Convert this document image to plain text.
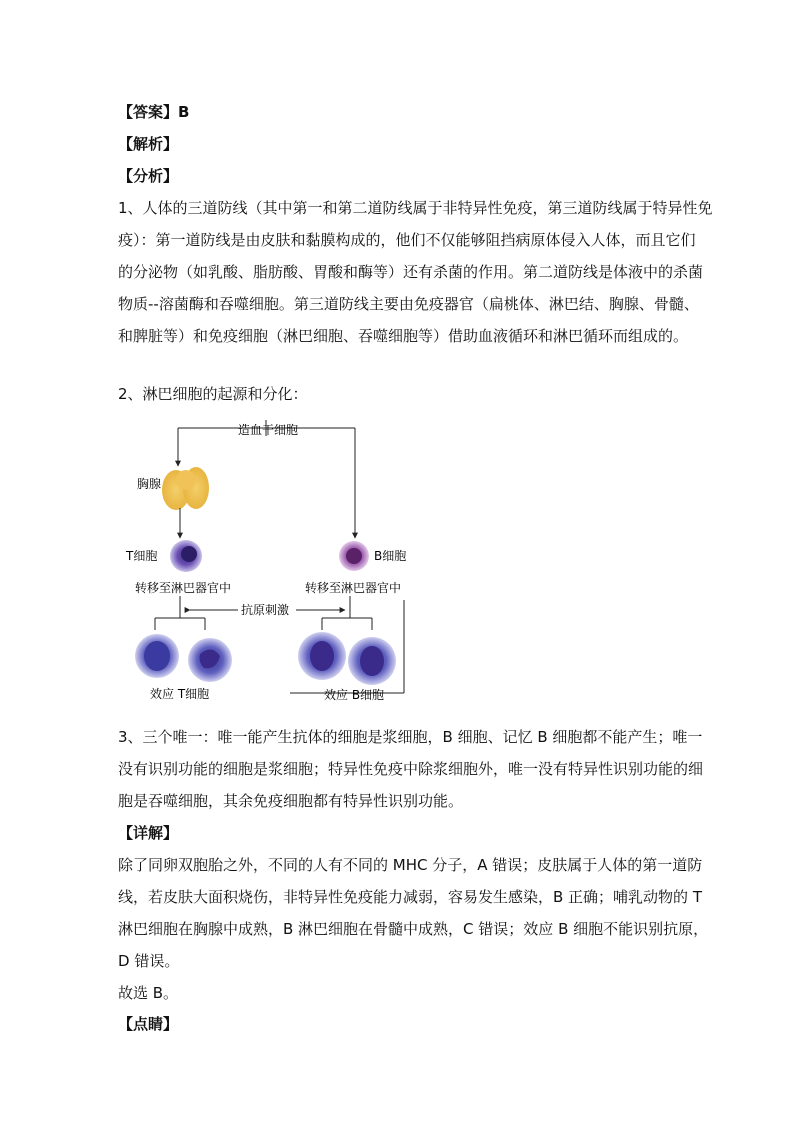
【答案】B
【解析】
【分析】
1、人体的三道防线（其中第一和第二道防线属于非特异性免疫，第三道防线属于特异性免
疫）：第一道防线是由皮肤和黏膜构成的，他们不仅能够阻挡病原体侵入人体，而且它们
的分泌物（如乳酸、脂肪酸、胃酸和酶等）还有杀菌的作用。第二道防线是体液中的杀菌
物质--溶菌酶和吞噬细胞。第三道防线主要由免疫器官（扁桃体、淋巴结、胸腺、骨髓、
和脾脏等）和免疫细胞（淋巴细胞、吞噬细胞等）借助血液循环和淋巴循环而组成的。
2、淋巴细胞的起源和分化：
造血干细胞
胸腺
T细胞	B细胞
转移至淋巴器官中	转移至淋巴器官中
抗原刺激
效应 T细胞	效应 B细胞
3、三个唯一：唯一能产生抗体的细胞是浆细胞，B 细胞、记忆 B 细胞都不能产生；唯一
没有识别功能的细胞是浆细胞；特异性免疫中除浆细胞外，唯一没有特异性识别功能的细
胞是吞噬细胞，其余免疫细胞都有特异性识别功能。
【详解】
除了同卵双胞胎之外，不同的人有不同的 MHC 分子，A 错误；皮肤属于人体的第一道防
线，若皮肤大面积烧伤，非特异性免疫能力减弱，容易发生感染，B 正确；哺乳动物的 T
淋巴细胞在胸腺中成熟，B 淋巴细胞在骨髓中成熟，C 错误；效应 B 细胞不能识别抗原，
D 错误。
故选 B。
【点睛】
